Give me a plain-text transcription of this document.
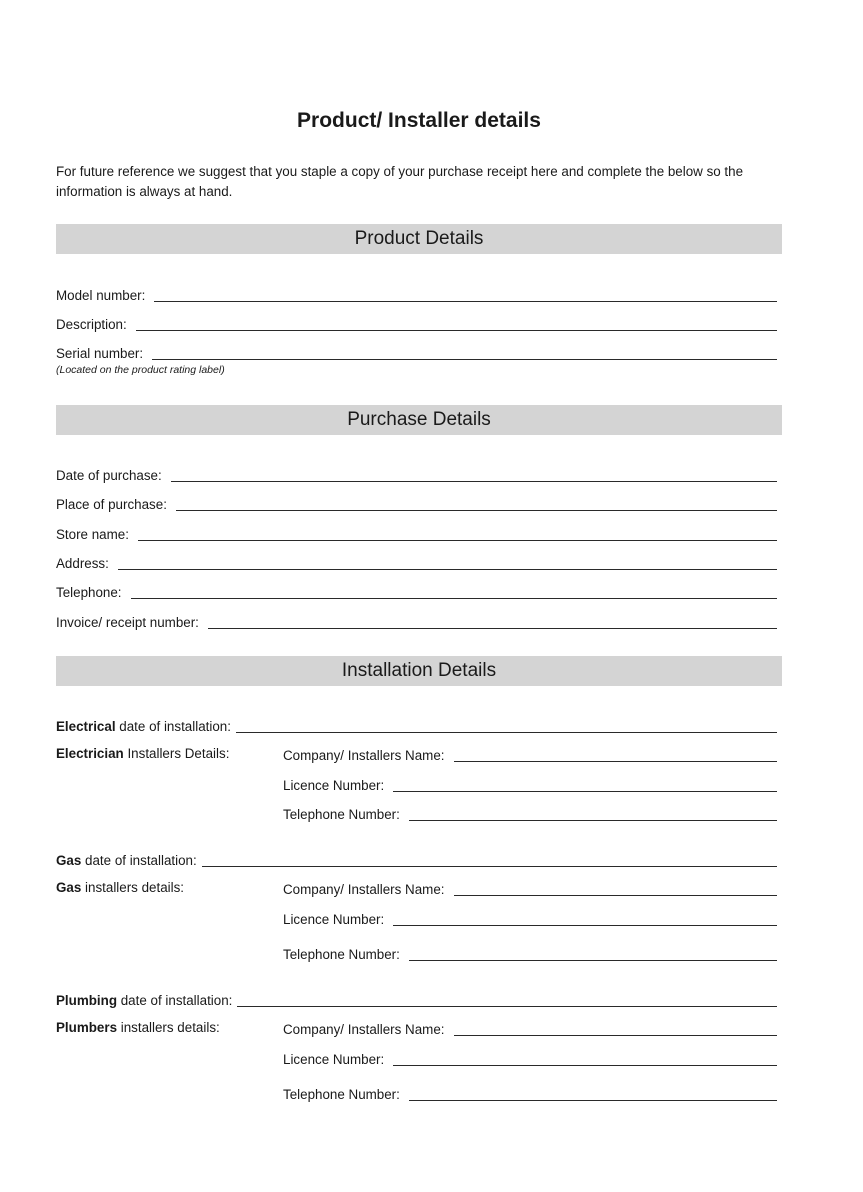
Product/ Installer details
For future reference we suggest that you staple a copy of your purchase receipt here and complete the below so the information is always at hand.
Product Details
Model number:
Description:
Serial number:
(Located on the product rating label)
Purchase Details
Date of purchase:
Place of purchase:
Store name:
Address:
Telephone:
Invoice/ receipt number:
Installation Details
Electrical date of installation:
Electrician Installers Details:	Company/ Installers Name:
Licence Number:
Telephone Number:
Gas date of installation:
Gas installers details:	Company/ Installers Name:
Licence Number:
Telephone Number:
Plumbing date of installation:
Plumbers installers details:	Company/ Installers Name:
Licence Number:
Telephone Number:
